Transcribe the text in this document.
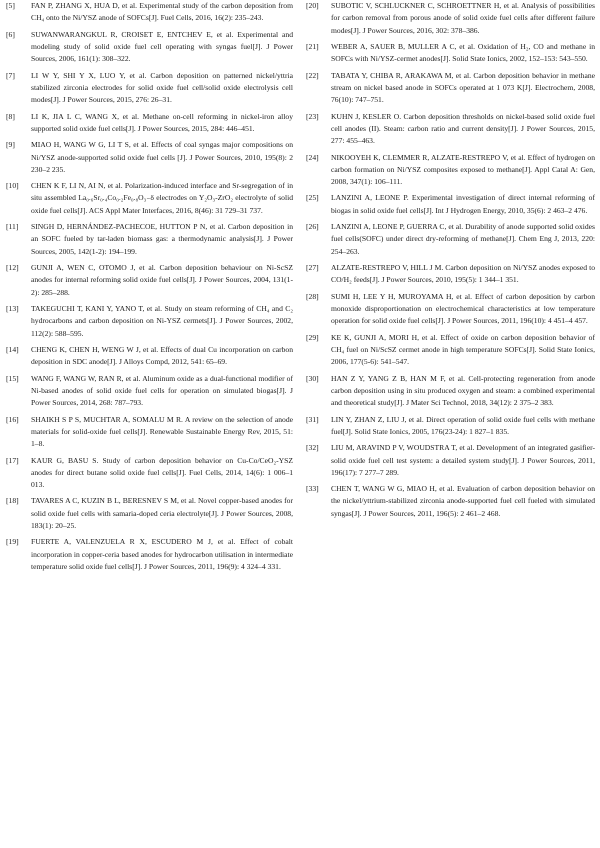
[5]	FAN P, ZHANG X, HUA D, et al. Experimental study of the carbon deposition from CH₄ onto the Ni/YSZ anode of SOFCs[J]. Fuel Cells, 2016, 16(2): 235–243.
[6]	SUWANWARANGKUL R, CROISET E, ENTCHEV E, et al. Experimental and modeling study of solid oxide fuel cell operating with syngas fuel[J]. J Power Sources, 2006, 161(1): 308–322.
[7]	LI W Y, SHI Y X, LUO Y, et al. Carbon deposition on patterned nickel/yttria stabilized zirconia electrodes for solid oxide fuel cell/solid oxide electrolysis cell modes[J]. J Power Sources, 2015, 276: 26–31.
[8]	LI K, JIA L C, WANG X, et al. Methane on-cell reforming in nickel-iron alloy supported solid oxide fuel cells[J]. J Power Sources, 2015, 284: 446–451.
[9]	MIAO H, WANG W G, LI T S, et al. Effects of coal syngas major compositions on Ni/YSZ anode-supported solid oxide fuel cells [J]. J Power Sources, 2010, 195(8): 2 230–2 235.
[10]	CHEN K F, LI N, AI N, et al. Polarization-induced interface and Sr-segregation of in situ assembled La₀.₆Sr₀.₄Co₀.₂Fe₀.₈O₃₋δ electrodes on Y₂O₃-ZrO₂ electrolyte of solid oxide fuel cells[J]. ACS Appl Mater Interfaces, 2016, 8(46): 31 729–31 737.
[11]	SINGH D, HERNÁNDEZ-PACHECOE, HUTTON P N, et al. Carbon deposition in an SOFC fueled by tar-laden biomass gas: a thermodynamic analysis[J]. J Power Sources, 2005, 142(1-2): 194–199.
[12]	GUNJI A, WEN C, OTOMO J, et al. Carbon deposition behaviour on Ni-ScSZ anodes for internal reforming solid oxide fuel cells[J]. J Power Sources, 2004, 131(1-2): 285–288.
[13]	TAKEGUCHI T, KANI Y, YANO T, et al. Study on steam reforming of CH₄ and C₂ hydrocarbons and carbon deposition on Ni-YSZ cermets[J]. J Power Sources, 2002, 112(2): 588–595.
[14]	CHENG K, CHEN H, WENG W J, et al. Effects of dual Cu incorporation on carbon deposition in SDC anode[J]. J Alloys Compd, 2012, 541: 65–69.
[15]	WANG F, WANG W, RAN R, et al. Aluminum oxide as a dual-functional modifier of Ni-based anodes of solid oxide fuel cells for operation on simulated biogas[J]. J Power Sources, 2014, 268: 787–793.
[16]	SHAIKH S P S, MUCHTAR A, SOMALU M R. A review on the selection of anode materials for solid-oxide fuel cells[J]. Renewable Sustainable Energy Rev, 2015, 51: 1–8.
[17]	KAUR G, BASU S. Study of carbon deposition behavior on Cu-Co/CeO₂-YSZ anodes for direct butane solid oxide fuel cells[J]. Fuel Cells, 2014, 14(6): 1 006–1 013.
[18]	TAVARES A C, KUZIN B L, BERESNEV S M, et al. Novel copper-based anodes for solid oxide fuel cells with samaria-doped ceria electrolyte[J]. J Power Sources, 2008, 183(1): 20–25.
[19]	FUERTE A, VALENZUELA R X, ESCUDERO M J, et al. Effect of cobalt incorporation in copper-ceria based anodes for hydrocarbon utilisation in intermediate temperature solid oxide fuel cells[J]. J Power Sources, 2011, 196(9): 4 324–4 331.
[20]	SUBOTIC V, SCHLUCKNER C, SCHROETTNER H, et al. Analysis of possibilities for carbon removal from porous anode of solid oxide fuel cells after different failure modes[J]. J Power Sources, 2016, 302: 378–386.
[21]	WEBER A, SAUER B, MULLER A C, et al. Oxidation of H₂, CO and methane in SOFCs with Ni/YSZ-cermet anodes[J]. Solid State Ionics, 2002, 152–153: 543–550.
[22]	TABATA Y, CHIBA R, ARAKAWA M, et al. Carbon deposition behavior in methane stream on nickel based anode in SOFCs operated at 1 073 K[J]. Electrochem, 2008, 76(10): 747–751.
[23]	KUHN J, KESLER O. Carbon deposition thresholds on nickel-based solid oxide fuel cell anodes (II). Steam: carbon ratio and current density[J]. J Power Sources, 2015, 277: 455–463.
[24]	NIKOOYEH K, CLEMMER R, ALZATE-RESTREPO V, et al. Effect of hydrogen on carbon formation on Ni/YSZ composites exposed to methane[J]. Appl Catal A: Gen, 2008, 347(1): 106–111.
[25]	LANZINI A, LEONE P. Experimental investigation of direct internal reforming of biogas in solid oxide fuel cells[J]. Int J Hydrogen Energy, 2010, 35(6): 2 463–2 476.
[26]	LANZINI A, LEONE P, GUERRA C, et al. Durability of anode supported solid oxides fuel cells(SOFC) under direct dry-reforming of methane[J]. Chem Eng J, 2013, 220: 254–263.
[27]	ALZATE-RESTREPO V, HILL J M. Carbon deposition on Ni/YSZ anodes exposed to CO/H₂ feeds[J]. J Power Sources, 2010, 195(5): 1 344–1 351.
[28]	SUMI H, LEE Y H, MUROYAMA H, et al. Effect of carbon deposition by carbon monoxide disproportionation on electrochemical characteristics at low temperature operation for solid oxide fuel cells[J]. J Power Sources, 2011, 196(10): 4 451–4 457.
[29]	KE K, GUNJI A, MORI H, et al. Effect of oxide on carbon deposition behavior of CH₄ fuel on Ni/ScSZ cermet anode in high temperature SOFCs[J]. Solid State Ionics, 2006, 177(5-6): 541–547.
[30]	HAN Z Y, YANG Z B, HAN M F, et al. Cell-protecting regeneration from anode carbon deposition using in situ produced oxygen and steam: a combined experimental and theoretical study[J]. J Mater Sci Technol, 2018, 34(12): 2 375–2 383.
[31]	LIN Y, ZHAN Z, LIU J, et al. Direct operation of solid oxide fuel cells with methane fuel[J]. Solid State Ionics, 2005, 176(23-24): 1 827–1 835.
[32]	LIU M, ARAVIND P V, WOUDSTRA T, et al. Development of an integrated gasifier-solid oxide fuel cell test system: a detailed system study[J]. J Power Sources, 2011, 196(17): 7 277–7 289.
[33]	CHEN T, WANG W G, MIAO H, et al. Evaluation of carbon deposition behavior on the nickel/yttrium-stabilized zirconia anode-supported fuel cell fueled with simulated syngas[J]. J Power Sources, 2011, 196(5): 2 461–2 468.
